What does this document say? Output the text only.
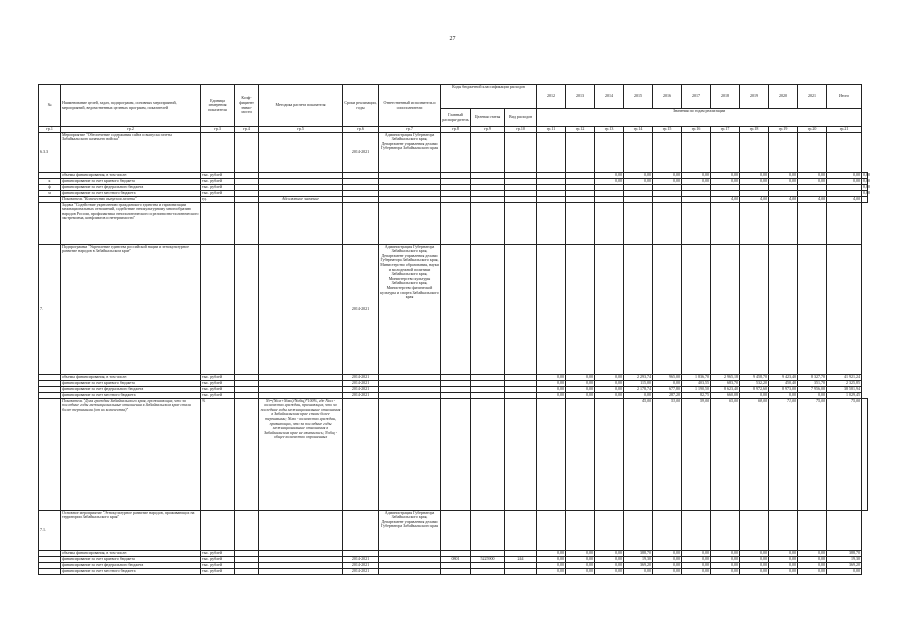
27
№	Наименование целей, задач, подпрограмм, основных мероприятий, мероприятий, ведомственных целевых программ, показателей	Единица измерения показателя	Коэф-фициент значи-мости	Методика расчета показателя	Сроки реализации, годы	Ответственный исполнитель и соисполнители	Коды бюджетной классификации расходов			2012	2013	2014	2015	2016	2017	2018	2019	2020	2021	Итого	
							Главный распоря-дитель	Целевая статья	Вид расходов	Значения по годам реализации											
гр.1	гр.2	гр.3	гр.4	гр.5	гр.6	гр.7	гр.8	гр.9	гр.10	гр.11	гр.12	гр.13	гр.14	гр.15	гр.16	гр.17	гр.18	гр.19	гр.20	гр.21	
6.3.3	Мероприятие "Обеспечение содержания сайта и выпуска газеты Забайкальского казачьего войска"				2014-2021	Администрация Губернатора Забайкальского края, Департамент управления делами Губернатора Забайкальского края															
	объемы финансирования, в том числе:	тыс. рублей										0,00	0,00	0,00	0,00	0,00	0,00	0,00	0,00	0,00	0,00
к	финансирование за счет краевого бюджета	тыс. рублей										0,00	0,00	0,00	0,00	0,00	0,00	0,00	0,00	0,00	0,00
ф	финансирование за счет федерального бюджета	тыс. рублей																			0,00
м	финансирование за счет местного бюджета	тыс. рублей																			0,00
	Показатель "Количество выпусков газеты"	ед.		Абсолютное значение												4,00	4,00	4,00	4,00	4,00	
	Задача "Содействие укреплению гражданского единства и гармонизации межнациональных отношений, содействие этнокультурному многообразию народов России, профилактика этнополитического и религиозно-политического экстремизма, конфликтов и нетерпимости"																				
7.	Подпрограмма "Укрепление единства российской нации и этнокультурное развитие народов в Забайкальском крае"				2014-2021	Администрация Губернатора Забайкальского края, Департамент управления делами Губернатора Забайкальского края, Министерство образования, науки и молодежной политики Забайкальского края, Министерство культуры Забайкальского края, Министерство физической культуры и спорта Забайкальского края															
	объемы финансирования, в том числе:	тыс. рублей			2014-2021					0,00	0,00	0,00	2 293,74	965,00	1 836,70	2 965,18	9 458,70	9 423,40	8 327,70	41 921,24	
	финансирование за счет краевого бюджета	тыс. рублей			2014-2021					0,00	0,00	0,00	115,00	0,00	403,55	683,70	532,20	450,40	351,70	2 325,85	
	финансирование за счет федерального бюджета	тыс. рублей			2014-2021					0,00	0,00	0,00	2 178,74	677,80	1 190,50	8 623,40	8 972,60	8 973,00	7 956,00	38 581,94	
	финансирование за счет местного бюджета	тыс. рублей			2014-2021					0,00	0,00	0,00	0,00	287,20	82,75	660,08	0,00	0,00	0,00	1 029,45	
	Показатель "Доля граждан Забайкальского края, проживающих, что за последние годы межнациональные отношения в Забайкальском крае стали более терпимыми (от их количества)"	%		Nt=(Ntол+Ntмо)/Nобщ)*100%, где Ntол - количество граждан, признающих, что за последние годы межнациональные отношения в Забайкальском крае стали более терпимыми; Ntмо - количество граждан, признающих, что за последние годы межнациональные отношения в Забайкальском крае не изменились; Nобщ - общее количество опрошенных									45,00	53,00	59,00	65,00	68,00	71,00	75,00	75,00	
7.1.	Основное мероприятие "Этнокультурное развитие народов, проживающих на территории Забайкальского края"					Администрация Губернатора Забайкальского края, Департамент управления делами Губернатора Забайкальского края															
	объемы финансирования, в том числе:	тыс. рублей								0,00	0,00	0,00	388,70	0,00	0,00	0,00	0,00	0,00	0,00	388,70	
	финансирование за счет краевого бюджета	тыс. рублей			2014-2021		0801	5225900	244	0,00	0,00	0,00	19,30	0,00	0,00	0,00	0,00	0,00	0,00	19,30	
	финансирование за счет федерального бюджета	тыс. рублей			2014-2021					0,00	0,00	0,00	369,20	0,00	0,00	0,00	0,00	0,00	0,00	369,20	
	финансирование за счет местного бюджета	тыс. рублей			2014-2021					0,00	0,00	0,00	0,00	0,00	0,00	0,00	0,00	0,00	0,00	0,00	
